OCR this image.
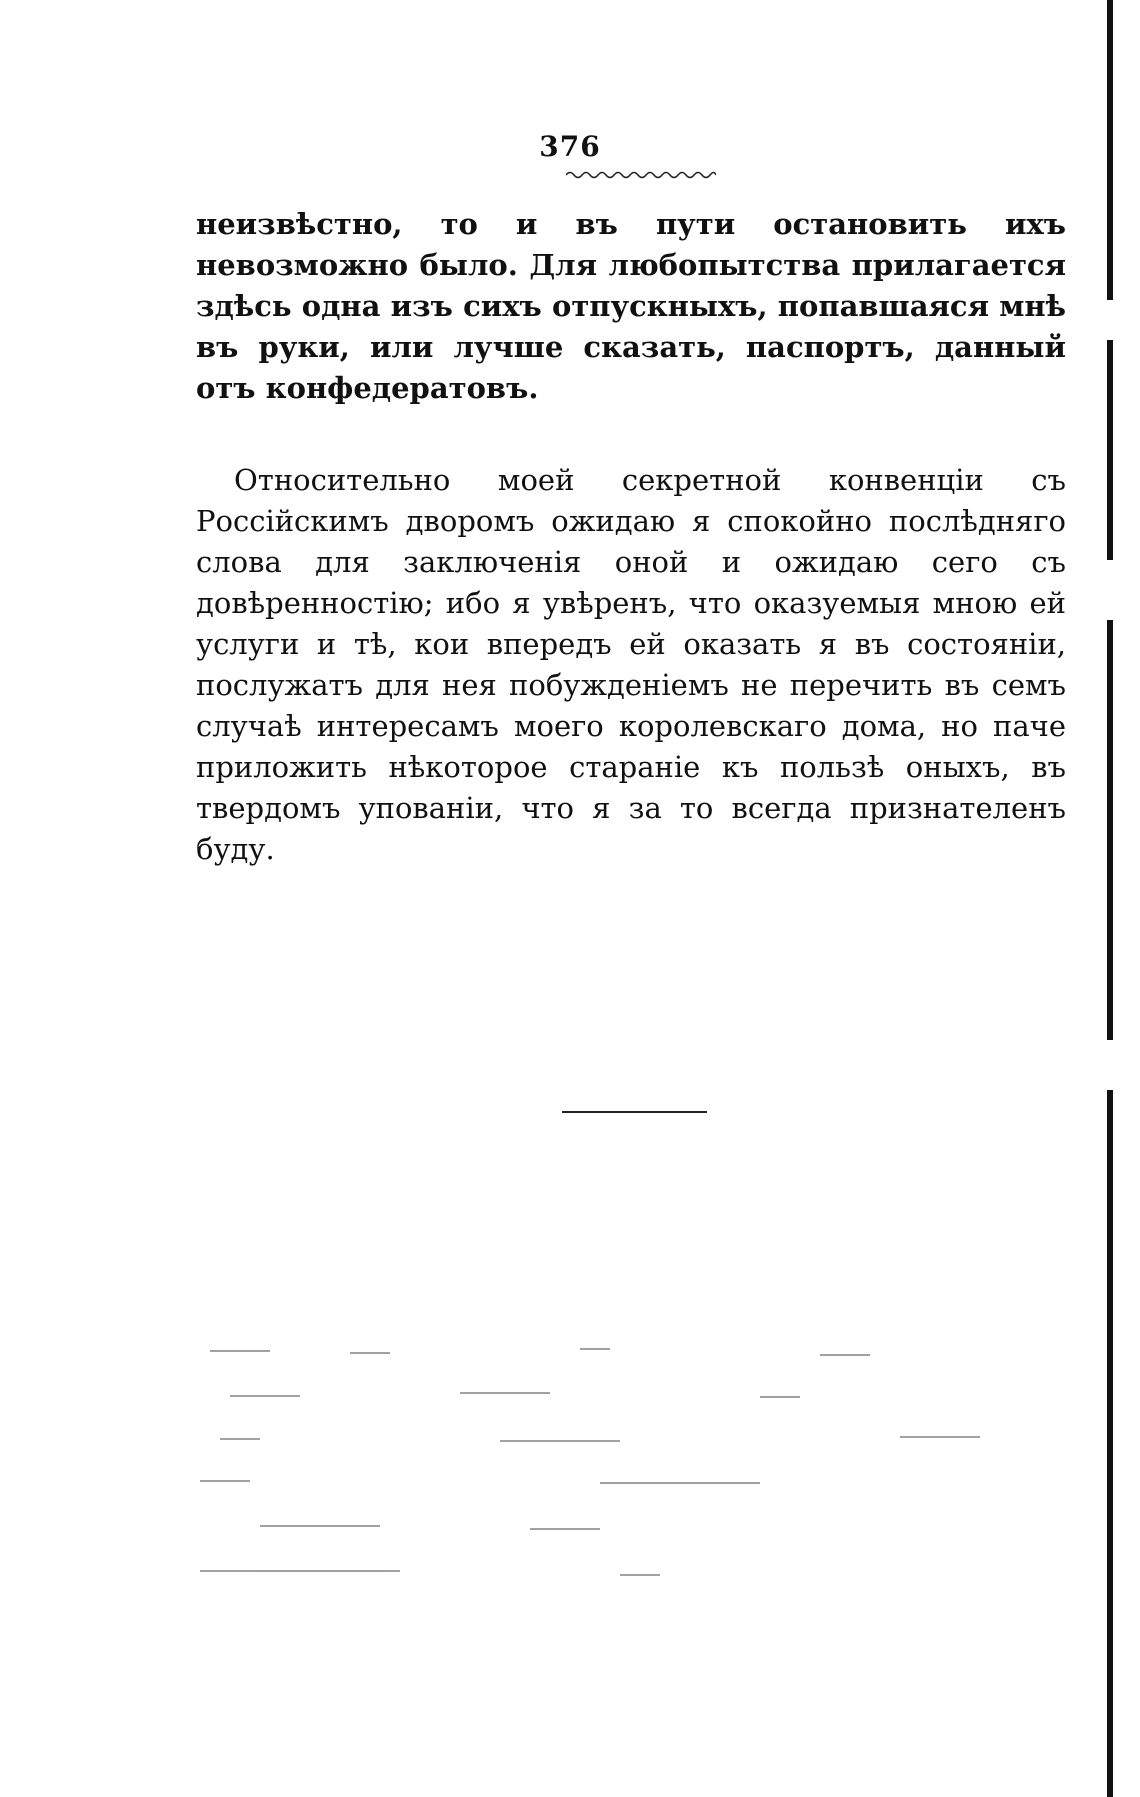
376

неизвѣстно, то и въ пути остановить ихъ невозможно было. Для любопытства прилагается здѣсь одна изъ сихъ отпускныхъ, попавшаяся мнѣ въ руки, или лучше сказать, паспортъ, данный отъ конфедератовъ.

Относительно моей секретной конвенціи съ Россійскимъ дворомъ ожидаю я спокойно послѣдняго слова для заключенія оной и ожидаю сего съ довѣренностію; ибо я увѣренъ, что оказуемыя мною ей услуги и тѣ, кои впередъ ей оказать я въ состояніи, послужатъ для нея побужденіемъ не перечить въ семъ случаѣ интересамъ моего королевскаго дома, но паче приложить нѣкоторое стараніе къ пользѣ оныхъ, въ твердомъ упованіи, что я за то всегда признателенъ буду.
